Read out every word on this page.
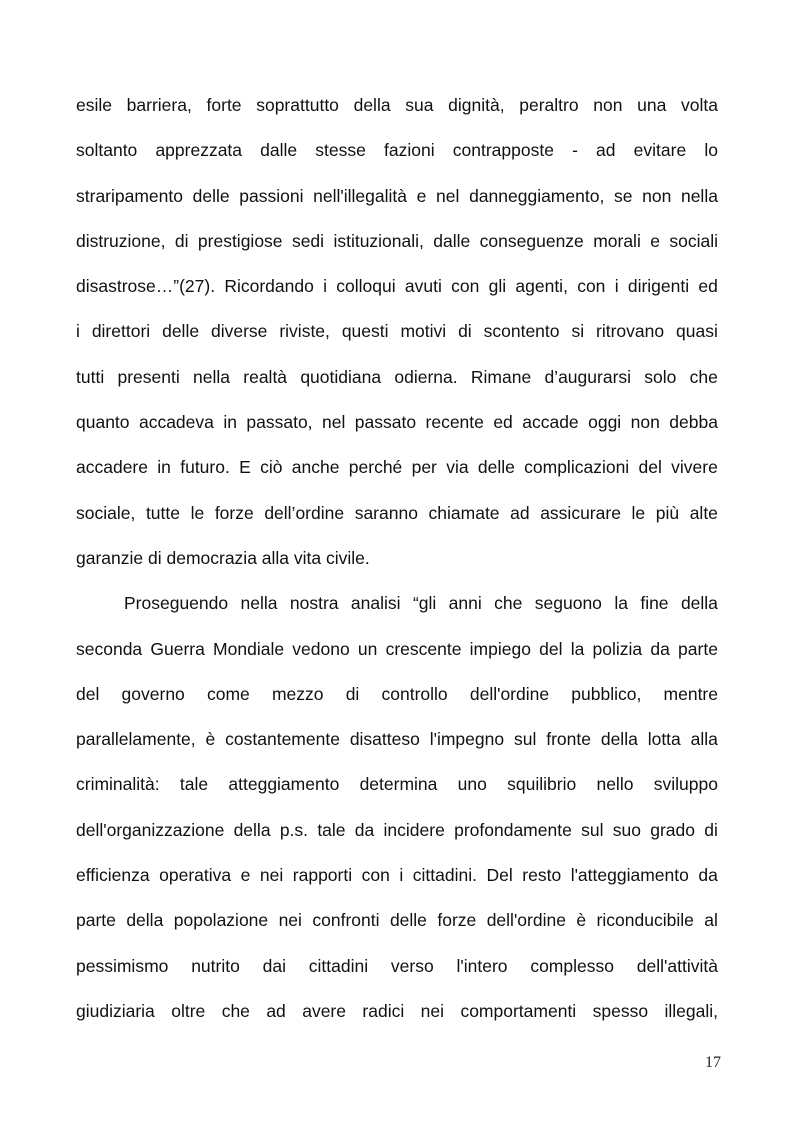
esile barriera, forte soprattutto della sua dignità, peraltro non una volta
soltanto apprezzata dalle stesse fazioni contrapposte - ad evitare lo
straripamento delle passioni nell'illegalità e nel danneggiamento, se non nella
distruzione, di prestigiose sedi istituzionali, dalle conseguenze morali e sociali
disastrose…”(27). Ricordando i colloqui avuti con gli agenti, con i dirigenti ed
i direttori delle diverse riviste, questi motivi di scontento si ritrovano quasi
tutti presenti nella realtà quotidiana odierna. Rimane d’augurarsi solo che
quanto accadeva in passato, nel passato recente ed accade oggi non debba
accadere in futuro. E ciò anche perché per via delle complicazioni del vivere
sociale, tutte le forze dell’ordine saranno chiamate ad assicurare le più alte
garanzie di democrazia alla vita civile.
Proseguendo nella nostra analisi “gli anni che seguono la fine della
seconda Guerra Mondiale vedono un crescente impiego del la polizia da parte
del governo come mezzo di controllo dell'ordine pubblico, mentre
parallelamente, è costantemente disatteso l'impegno sul fronte della lotta alla
criminalità: tale atteggiamento determina uno squilibrio nello sviluppo
dell'organizzazione della p.s. tale da incidere profondamente sul suo grado di
efficienza operativa e nei rapporti con i cittadini. Del resto l'atteggiamento da
parte della popolazione nei confronti delle forze dell'ordine è riconducibile al
pessimismo nutrito dai cittadini verso l'intero complesso dell'attività
giudiziaria oltre che ad avere radici nei comportamenti spesso illegali,
17
